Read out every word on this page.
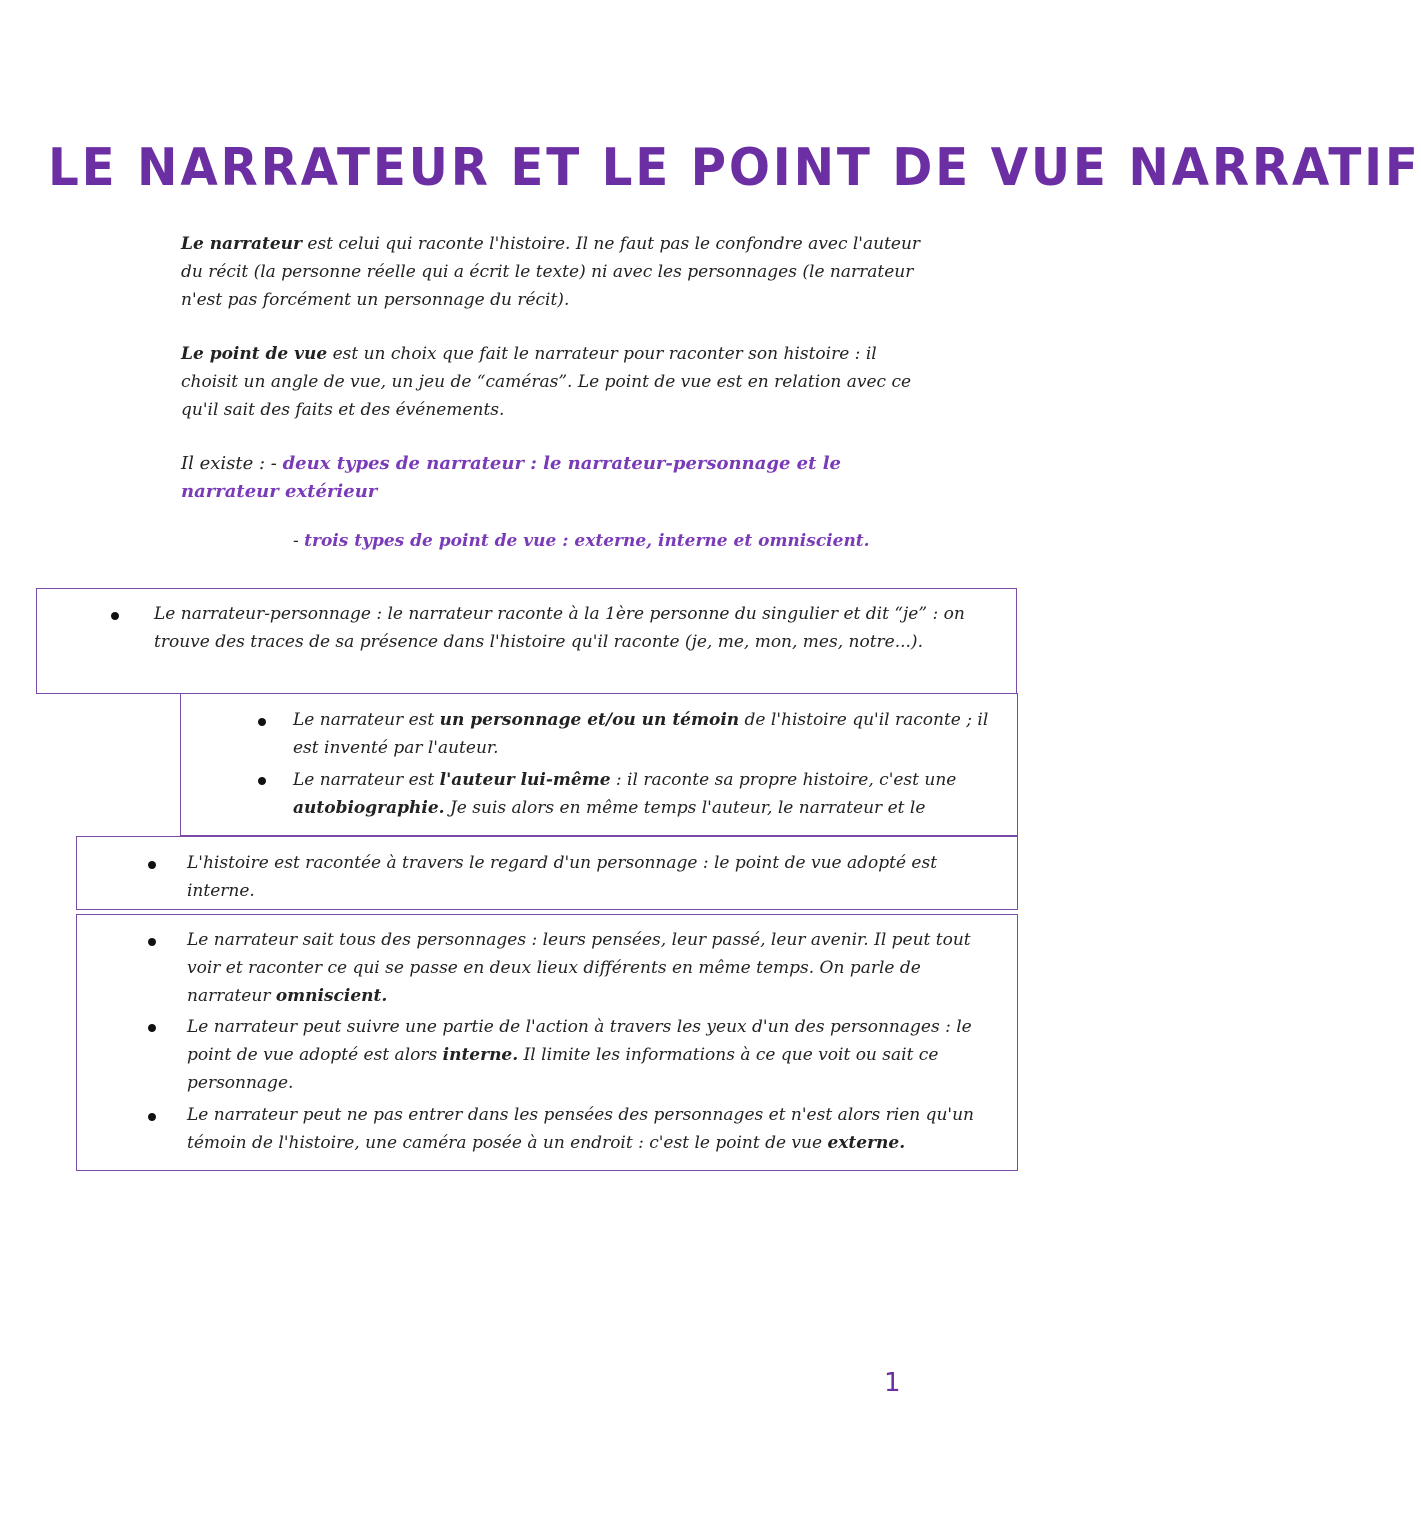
LE NARRATEUR ET LE POINT DE VUE NARRATIF
Le narrateur est celui qui raconte l'histoire. Il ne faut pas le confondre avec l'auteur du récit (la personne réelle qui a écrit le texte) ni avec les personnages (le narrateur n'est pas forcément un personnage du récit).
Le point de vue est un choix que fait le narrateur pour raconter son histoire : il choisit un angle de vue, un jeu de “caméras”. Le point de vue est en relation avec ce qu'il sait des faits et des événements.
Il existe : - deux types de narrateur : le narrateur-personnage et le narrateur extérieur
- trois types de point de vue : externe, interne et omniscient.
Le narrateur-personnage : le narrateur raconte à la 1ère personne du singulier et dit “je” : on trouve des traces de sa présence dans l'histoire qu'il raconte (je, me, mon, mes, notre...).
Le narrateur est un personnage et/ou un témoin de l'histoire qu'il raconte ; il est inventé par l'auteur.
Le narrateur est l'auteur lui-même : il raconte sa propre histoire, c'est une autobiographie. Je suis alors en même temps l'auteur, le narrateur et le
L'histoire est racontée à travers le regard d'un personnage : le point de vue adopté est interne.
Le narrateur sait tous des personnages : leurs pensées, leur passé, leur avenir. Il peut tout voir et raconter ce qui se passe en deux lieux différents en même temps. On parle de narrateur omniscient.
Le narrateur peut suivre une partie de l'action à travers les yeux d'un des personnages : le point de vue adopté est alors interne. Il limite les informations à ce que voit ou sait ce personnage.
Le narrateur peut ne pas entrer dans les pensées des personnages et n'est alors rien qu'un témoin de l'histoire, une caméra posée à un endroit : c'est le point de vue externe.
1
